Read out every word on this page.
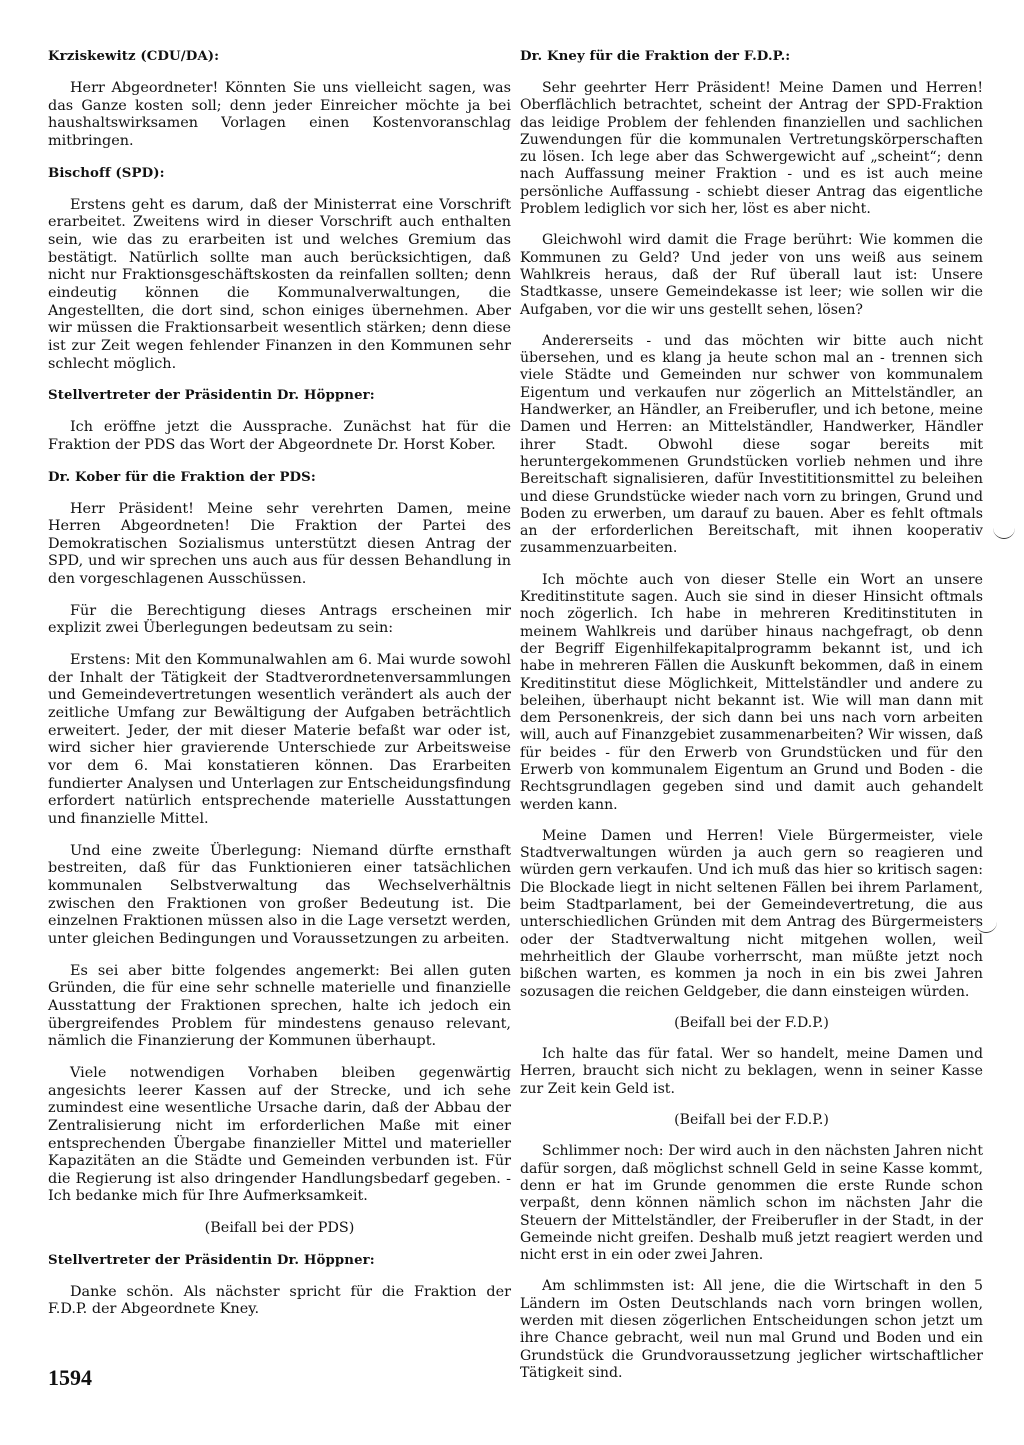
Krziskewitz (CDU/DA):
Herr Abgeordneter! Könnten Sie uns vielleicht sagen, was das Ganze kosten soll; denn jeder Einreicher möchte ja bei haushaltswirksamen Vorlagen einen Kostenvoranschlag mitbringen.
Bischoff (SPD):
Erstens geht es darum, daß der Ministerrat eine Vorschrift erarbeitet. Zweitens wird in dieser Vorschrift auch enthalten sein, wie das zu erarbeiten ist und welches Gremium das bestätigt. Natürlich sollte man auch berücksichtigen, daß nicht nur Fraktionsgeschäftskosten da reinfallen sollten; denn eindeutig können die Kommunalverwaltungen, die Angestellten, die dort sind, schon einiges übernehmen. Aber wir müssen die Fraktionsarbeit wesentlich stärken; denn diese ist zur Zeit wegen fehlender Finanzen in den Kommunen sehr schlecht möglich.
Stellvertreter der Präsidentin Dr. Höppner:
Ich eröffne jetzt die Aussprache. Zunächst hat für die Fraktion der PDS das Wort der Abgeordnete Dr. Horst Kober.
Dr. Kober für die Fraktion der PDS:
Herr Präsident! Meine sehr verehrten Damen, meine Herren Abgeordneten! Die Fraktion der Partei des Demokratischen Sozialismus unterstützt diesen Antrag der SPD, und wir sprechen uns auch aus für dessen Behandlung in den vorgeschlagenen Ausschüssen.
Für die Berechtigung dieses Antrags erscheinen mir explizit zwei Überlegungen bedeutsam zu sein:
Erstens: Mit den Kommunalwahlen am 6. Mai wurde sowohl der Inhalt der Tätigkeit der Stadtverordnetenversammlungen und Gemeindevertretungen wesentlich verändert als auch der zeitliche Umfang zur Bewältigung der Aufgaben beträchtlich erweitert. Jeder, der mit dieser Materie befaßt war oder ist, wird sicher hier gravierende Unterschiede zur Arbeitsweise vor dem 6. Mai konstatieren können. Das Erarbeiten fundierter Analysen und Unterlagen zur Entscheidungsfindung erfordert natürlich entsprechende materielle Ausstattungen und finanzielle Mittel.
Und eine zweite Überlegung: Niemand dürfte ernsthaft bestreiten, daß für das Funktionieren einer tatsächlichen kommunalen Selbstverwaltung das Wechselverhältnis zwischen den Fraktionen von großer Bedeutung ist. Die einzelnen Fraktionen müssen also in die Lage versetzt werden, unter gleichen Bedingungen und Voraussetzungen zu arbeiten.
Es sei aber bitte folgendes angemerkt: Bei allen guten Gründen, die für eine sehr schnelle materielle und finanzielle Ausstattung der Fraktionen sprechen, halte ich jedoch ein übergreifendes Problem für mindestens genauso relevant, nämlich die Finanzierung der Kommunen überhaupt.
Viele notwendigen Vorhaben bleiben gegenwärtig angesichts leerer Kassen auf der Strecke, und ich sehe zumindest eine wesentliche Ursache darin, daß der Abbau der Zentralisierung nicht im erforderlichen Maße mit einer entsprechenden Übergabe finanzieller Mittel und materieller Kapazitäten an die Städte und Gemeinden verbunden ist. Für die Regierung ist also dringender Handlungsbedarf gegeben. - Ich bedanke mich für Ihre Aufmerksamkeit.
(Beifall bei der PDS)
Stellvertreter der Präsidentin Dr. Höppner:
Danke schön. Als nächster spricht für die Fraktion der F.D.P. der Abgeordnete Kney.
Dr. Kney für die Fraktion der F.D.P.:
Sehr geehrter Herr Präsident! Meine Damen und Herren! Oberflächlich betrachtet, scheint der Antrag der SPD-Fraktion das leidige Problem der fehlenden finanziellen und sachlichen Zuwendungen für die kommunalen Vertretungskörperschaften zu lösen. Ich lege aber das Schwergewicht auf „scheint“; denn nach Auffassung meiner Fraktion - und es ist auch meine persönliche Auffassung - schiebt dieser Antrag das eigentliche Problem lediglich vor sich her, löst es aber nicht.
Gleichwohl wird damit die Frage berührt: Wie kommen die Kommunen zu Geld? Und jeder von uns weiß aus seinem Wahlkreis heraus, daß der Ruf überall laut ist: Unsere Stadtkasse, unsere Gemeindekasse ist leer; wie sollen wir die Aufgaben, vor die wir uns gestellt sehen, lösen?
Andererseits - und das möchten wir bitte auch nicht übersehen, und es klang ja heute schon mal an - trennen sich viele Städte und Gemeinden nur schwer von kommunalem Eigentum und verkaufen nur zögerlich an Mittelständler, an Handwerker, an Händler, an Freiberufler, und ich betone, meine Damen und Herren: an Mittelständler, Handwerker, Händler ihrer Stadt. Obwohl diese sogar bereits mit heruntergekommenen Grundstücken vorlieb nehmen und ihre Bereitschaft signalisieren, dafür Investititionsmittel zu beleihen und diese Grundstücke wieder nach vorn zu bringen, Grund und Boden zu erwerben, um darauf zu bauen. Aber es fehlt oftmals an der erforderlichen Bereitschaft, mit ihnen kooperativ zusammenzuarbeiten.
Ich möchte auch von dieser Stelle ein Wort an unsere Kreditinstitute sagen. Auch sie sind in dieser Hinsicht oftmals noch zögerlich. Ich habe in mehreren Kreditinstituten in meinem Wahlkreis und darüber hinaus nachgefragt, ob denn der Begriff Eigenhilfekapitalprogramm bekannt ist, und ich habe in mehreren Fällen die Auskunft bekommen, daß in einem Kreditinstitut diese Möglichkeit, Mittelständler und andere zu beleihen, überhaupt nicht bekannt ist. Wie will man dann mit dem Personenkreis, der sich dann bei uns nach vorn arbeiten will, auch auf Finanzgebiet zusammenarbeiten? Wir wissen, daß für beides - für den Erwerb von Grundstücken und für den Erwerb von kommunalem Eigentum an Grund und Boden - die Rechtsgrundlagen gegeben sind und damit auch gehandelt werden kann.
Meine Damen und Herren! Viele Bürgermeister, viele Stadtverwaltungen würden ja auch gern so reagieren und würden gern verkaufen. Und ich muß das hier so kritisch sagen: Die Blockade liegt in nicht seltenen Fällen bei ihrem Parlament, beim Stadtparlament, bei der Gemeindevertretung, die aus unterschiedlichen Gründen mit dem Antrag des Bürgermeisters oder der Stadtverwaltung nicht mitgehen wollen, weil mehrheitlich der Glaube vorherrscht, man müßte jetzt noch bißchen warten, es kommen ja noch in ein bis zwei Jahren sozusagen die reichen Geldgeber, die dann einsteigen würden.
(Beifall bei der F.D.P.)
Ich halte das für fatal. Wer so handelt, meine Damen und Herren, braucht sich nicht zu beklagen, wenn in seiner Kasse zur Zeit kein Geld ist.
(Beifall bei der F.D.P.)
Schlimmer noch: Der wird auch in den nächsten Jahren nicht dafür sorgen, daß möglichst schnell Geld in seine Kasse kommt, denn er hat im Grunde genommen die erste Runde schon verpaßt, denn können nämlich schon im nächsten Jahr die Steuern der Mittelständler, der Freiberufler in der Stadt, in der Gemeinde nicht greifen. Deshalb muß jetzt reagiert werden und nicht erst in ein oder zwei Jahren.
Am schlimmsten ist: All jene, die die Wirtschaft in den 5 Ländern im Osten Deutschlands nach vorn bringen wollen, werden mit diesen zögerlichen Entscheidungen schon jetzt um ihre Chance gebracht, weil nun mal Grund und Boden und ein Grundstück die Grundvoraussetzung jeglicher wirtschaftlicher Tätigkeit sind.
1594
